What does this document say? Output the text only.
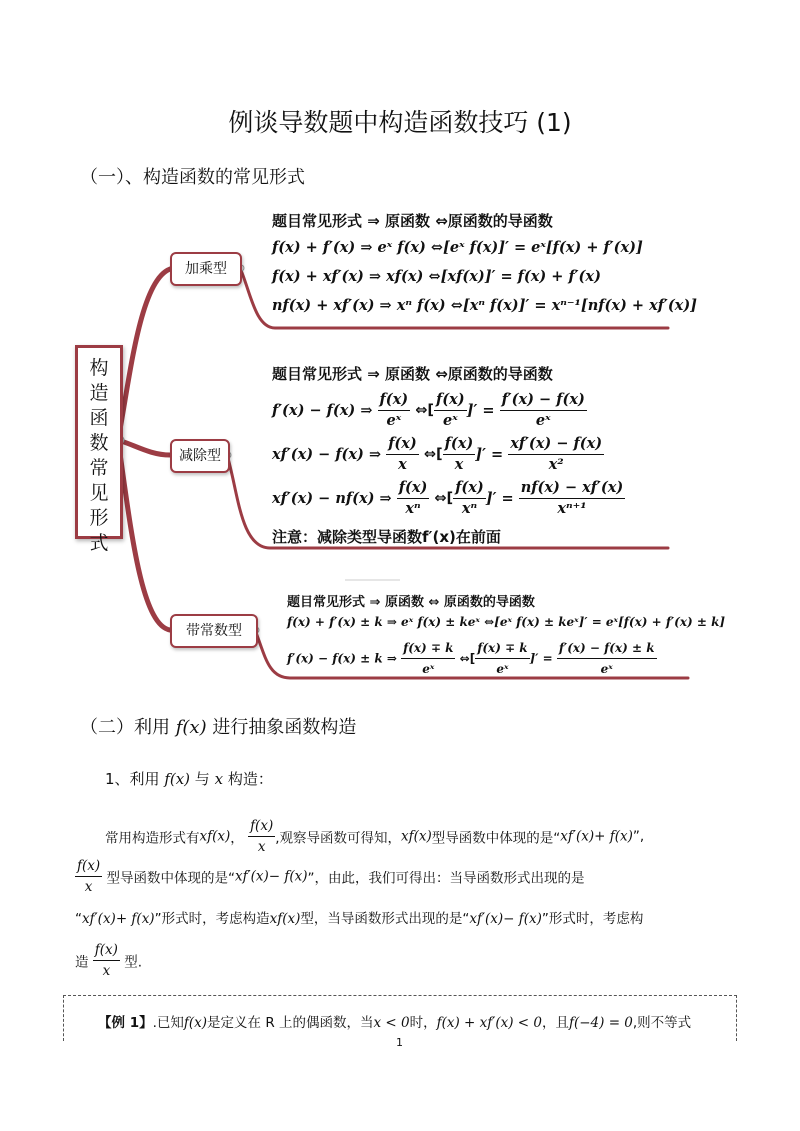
例谈导数题中构造函数技巧 (1)
（一）、构造函数的常见形式
构
造
函
数
常
见
形
式
加乘型
减除型
带常数型
题目常见形式 ⇒ 原函数 ⇔原函数的导函数
f(x) + f′(x) ⇒ eˣ f(x) ⇔[eˣ f(x)]′ = eˣ[f(x) + f′(x)]
f(x) + xf′(x) ⇒ xf(x) ⇔[xf(x)]′ = f(x) + f′(x)
nf(x) + xf′(x) ⇒ xⁿ f(x) ⇔[xⁿ f(x)]′ = xⁿ⁻¹[nf(x) + xf′(x)]
题目常见形式 ⇒ 原函数 ⇔原函数的导函数
f′(x) − f(x) ⇒ $\frac{f(x)}{\text{eˣ}}$ ⇔[ $\frac{f(x)}{\text{eˣ}}$ ]′ = $\frac{f'(x) - f(x)}{\text{eˣ}}$
xf′(x) − f(x) ⇒ $\frac{f(x)}{x}$ ⇔[ $\frac{f(x)}{x}$ ]′ = $\frac{xf'(x) - f(x)}{\text{x²}}$
xf′(x) − nf(x) ⇒ $\frac{f(x)}{\text{xⁿ}}$ ⇔[ $\frac{f(x)}{\text{xⁿ}}$ ]′ = $\frac{nf(x) - xf'(x)}{\text{xⁿ⁺¹}}$
注意：减除类型导函数f′(x)在前面
题目常见形式 ⇒ 原函数 ⇔ 原函数的导函数
f(x) + f′(x) ± k ⇒ eˣ f(x) ± keˣ ⇔[eˣ f(x) ± keˣ]′ = eˣ[f(x) + f′(x) ± k]
f′(x) − f(x) ± k ⇒ $\frac{f(x) \mp k}{\text{eˣ}}$ ⇔[ $\frac{f(x) \mp k}{\text{eˣ}}$ ]′ = $\frac{f'(x) - f(x) \pm k}{\text{eˣ}}$
（二）利用 f(x) 进行抽象函数构造
1、利用 f(x) 与 x 构造：
常用构造形式有xf(x)， $\frac{f(x)}{x}$ ,观察导函数可得知，xf(x)型导函数中体现的是“xf′(x)+ f(x)”,
$\frac{f(x)}{x}$ 型导函数中体现的是“xf′(x)− f(x)”，由此，我们可得出：当导函数形式出现的是
“xf′(x)+ f(x)”形式时，考虑构造xf(x)型，当导函数形式出现的是“xf′(x)− f(x)”形式时，考虑构
造 $\frac{f(x)}{x}$ 型.
【例 1】.已知f(x)是定义在 R 上的偶函数，当x < 0时，f(x) + xf′(x) < 0，且f(−4) = 0,则不等式
1
